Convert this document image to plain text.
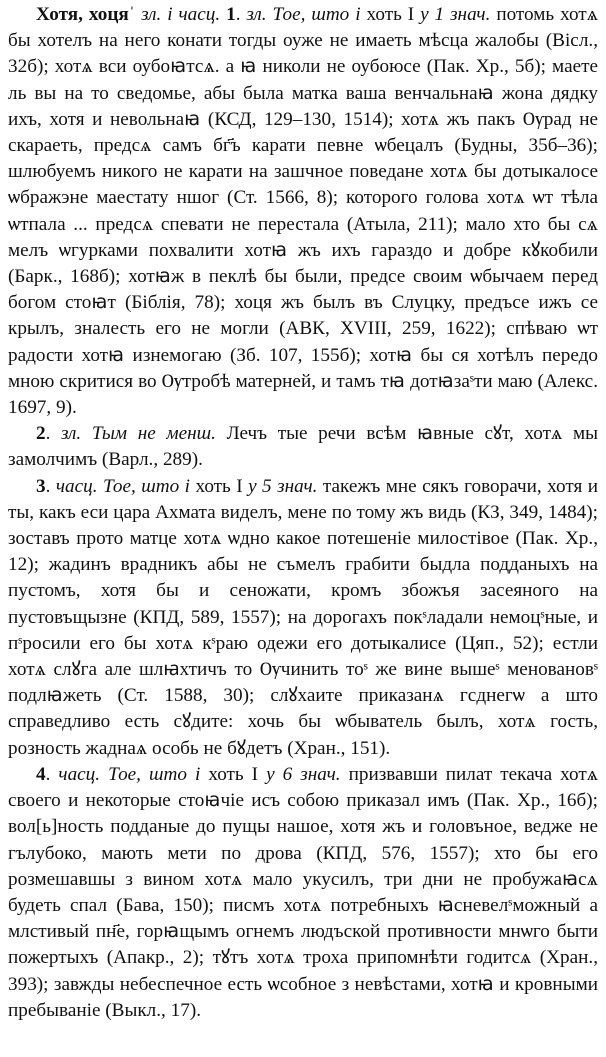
Хотя, хоцяˈ зл. і часц. 1. зл. Тое, што і хоть I у 1 знач. потомь хотѧ бы хотелъ на него конати тогды оуже не имаеть мѣсца жалобы (Вісл., 32б); хотѧ вси оубоꙗтсѧ. а ꙗ николи не оубоюсе (Пак. Хр., 5б); маете ль вы на то сведомье, абы была матка ваша венчальнаꙗ жона дядку ихъ, хотя и невольнаꙗ (КСД, 129–130, 1514); хотѧ жъ пакъ Ѹрад не скараеть, предсѧ самъ бг҃ъ карати певне ѡбецалъ (Будны, 35б–36); шлюбуемъ никого не карати на зашчное поведанe хотѧ бы дотыкалосе ѡбражэне маестату ншог (Ст. 1566, 8); которого голова хотѧ ѡт тѣла ѡтпала ... предсѧ спевати не перестала (Атыла, 211); мало хто бы сѧ мелъ ѡгурками похвалити хотꙗ жъ ихъ гараздо и добре кꙋкобили (Барк., 168б); хотꙗж в пеклѣ бы были, предсе своим ѡбычаем перед богом стоꙗт (Біблія, 78); хоця жъ былъ въ Слуцку, предъсе ижъ се крылъ, зналесть его не могли (АВК, XVIII, 259, 1622); спѣваю ѡт радости хотꙗ изнемогаю (Зб. 107, 155б); хотꙗ бы ся хотѣлъ передо мною скритися во Ѹтробѣ матерней, и тамъ тꙗ дотꙗзаˢти маю (Алекс. 1697, 9).

2. зл. Тым не менш. Лечъ тые речи всѣм ꙗвные сꙋт, хотѧ мы замолчимъ (Варл., 289).

3. часц. Тое, што і хоть I у 5 знач. такежъ мне сякъ говорачи, хотя и ты, какъ еси цара Ахмата виделъ, мене по тому жъ видь (КЗ, 349, 1484); зоставъ прото матце хотѧ ѡдно какое потешеніе милостівое (Пак. Хр., 12); жадинъ врадникъ абы не съмелъ грабити быдла подданыхъ на пустомъ, хотя бы и сеножати, кромъ збожъя засеяного на пустовъщызне (КПД, 589, 1557); на дорогахъ покˢладали немоцˢные, и пˢросили его бы хотѧ кˢраю одежи его дотыкалисе (Цяп., 52); естли хотѧ слꙋга але шлꙗхтичъ то Ѹчинить тоˢ же вине вышеˢ меновановˢ подлꙗжеть (Ст. 1588, 30); слꙋхаите приказанѧ гсднегѡ а што справедливо есть сꙋдите: хочь бы ѡбыватель былъ, хотѧ гость, розность жаднаѧ особь не бꙋдетъ (Хран., 151).

4. часц. Тое, што і хоть I у 6 знач. призвавши пилат текача хотѧ своего и некоторые стоꙗчіе исъ собою приказал имъ (Пак. Хр., 16б); вол[ь]ность подданые до пущы нашое, хотя жъ и головъное, ведже не гълубоко, мають мети по дрова (КПД, 576, 1557); хто бы его розмешавшы з вином хотѧ мало укусилъ, три дни не пробужаꙗсѧ будеть спал (Бава, 150); писмъ хотѧ потребныхъ ꙗсневелˢможный а млстивый пн҃е, горꙗщымъ огнемъ людъской противности мнѡго быти пожертыхъ (Апакр., 2); тꙋтъ хотѧ троха припомнѣти годитсѧ (Хран., 393); завжды небеспечное есть ѡсобное з невѣстами, хотꙗ и кровными пребываніе (Выкл., 17).
